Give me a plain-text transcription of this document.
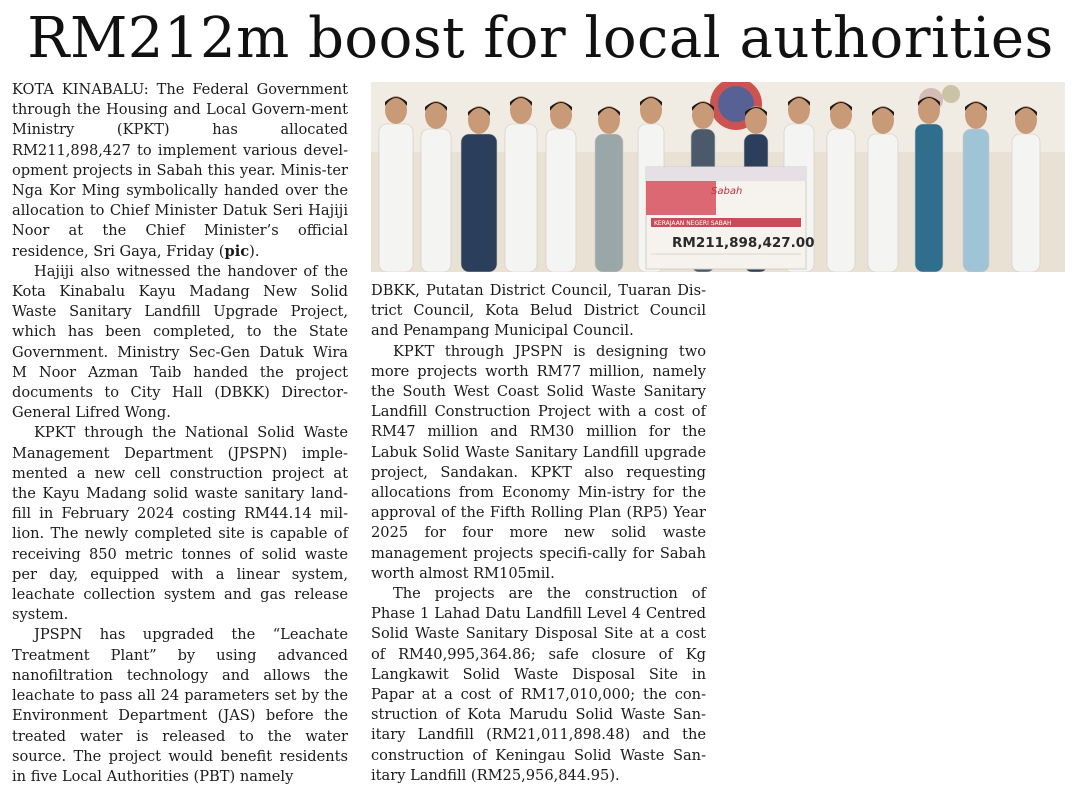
RM212m boost for local authorities

KOTA KINABALU: The Federal Government through the Housing and Local Govern-ment Ministry (KPKT) has allocated RM211,898,427 to implement various devel-opment projects in Sabah this year. Minis-ter Nga Kor Ming symbolically handed over the allocation to Chief Minister Datuk Seri Hajiji Noor at the Chief Minister’s official residence, Sri Gaya, Friday (pic).

Hajiji also witnessed the handover of the Kota Kinabalu Kayu Madang New Solid Waste Sanitary Landfill Upgrade Project, which has been completed, to the State Government. Ministry Sec-Gen Datuk Wira M Noor Azman Taib handed the project documents to City Hall (DBKK) Director-General Lifred Wong.

KPKT through the National Solid Waste Management Department (JPSPN) imple-mented a new cell construction project at the Kayu Madang solid waste sanitary land-fill in February 2024 costing RM44.14 mil-lion. The newly completed site is capable of receiving 850 metric tonnes of solid waste per day, equipped with a linear system, leachate collection system and gas release system.

JPSPN has upgraded the “Leachate Treatment Plant” by using advanced nanofiltration technology and allows the leachate to pass all 24 parameters set by the Environment Department (JAS) before the treated water is released to the water source. The project would benefit residents in five Local Authorities (PBT) namely

Sabah
KERAJAAN NEGERI SABAH
RM211,898,427.00

DBKK, Putatan District Council, Tuaran Dis-trict Council, Kota Belud District Council and Penampang Municipal Council.

KPKT through JPSPN is designing two more projects worth RM77 million, namely the South West Coast Solid Waste Sanitary Landfill Construction Project with a cost of RM47 million and RM30 million for the Labuk Solid Waste Sanitary Landfill upgrade project, Sandakan. KPKT also requesting allocations from Economy Min-istry for the approval of the Fifth Rolling Plan (RP5) Year 2025 for four more new solid waste management projects specifi-cally for Sabah worth almost RM105mil.

The projects are the construction of Phase 1 Lahad Datu Landfill Level 4 Centred Solid Waste Sanitary Disposal Site at a cost of RM40,995,364.86; safe closure of Kg Langkawit Solid Waste Disposal Site in Papar at a cost of RM17,010,000; the con-struction of Kota Marudu Solid Waste San-itary Landfill (RM21,011,898.48) and the construction of Keningau Solid Waste San-itary Landfill (RM25,956,844.95).
